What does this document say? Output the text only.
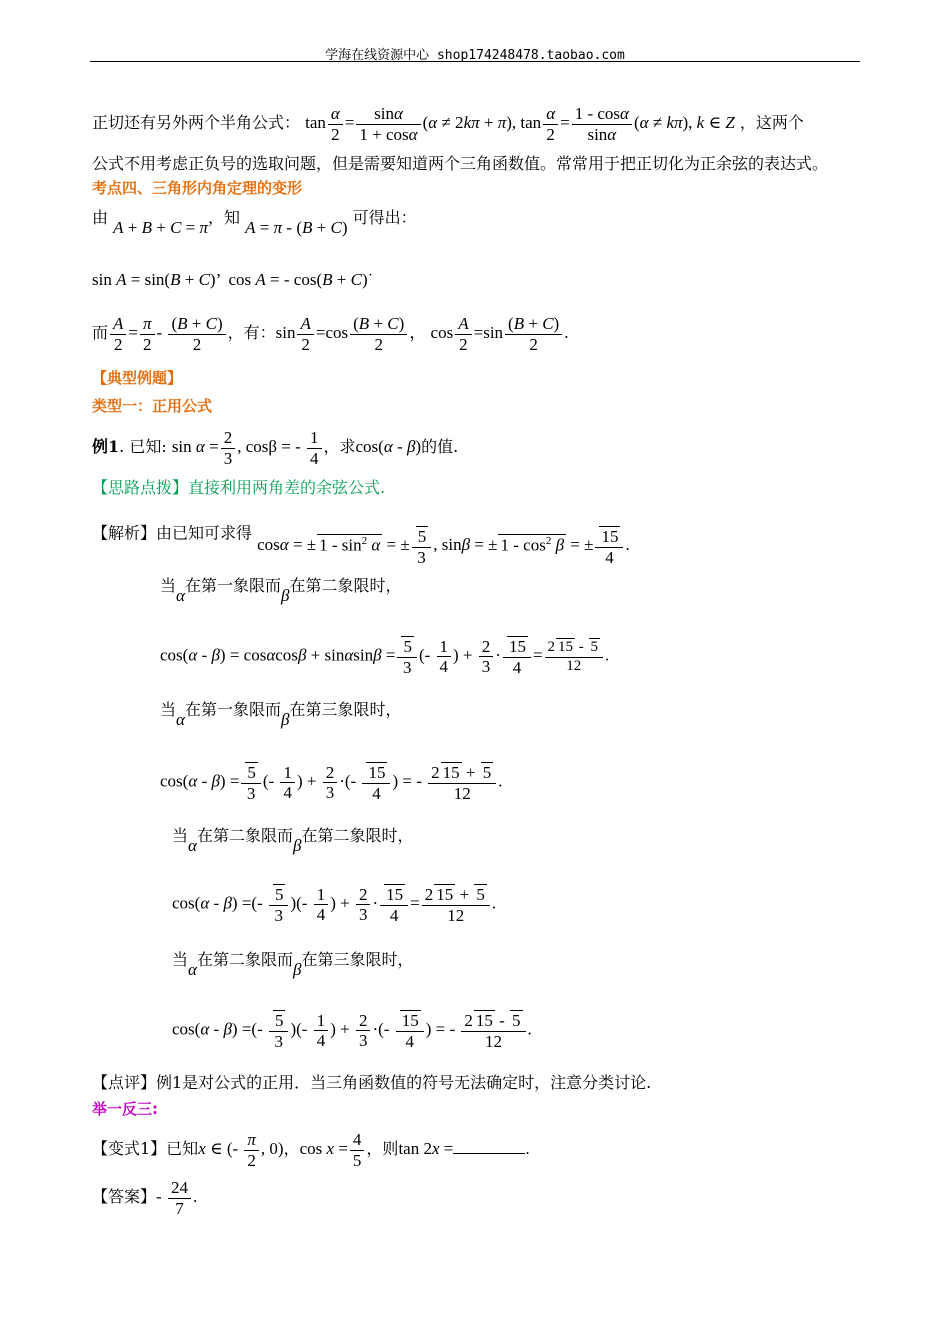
学海在线资源中心 shop174248478.taobao.com
正切还有另外两个半角公式： $\tan \frac{\alpha}{2} = \frac{\sin\alpha}{1 + \cos\alpha} (\alpha \ne 2k\pi + \pi)$, $\tan \frac{\alpha}{2} = \frac{1 - \cos\alpha}{\sin\alpha} (\alpha \ne k\pi)$, k ∈ Z ，这两个
公式不用考虑正负号的选取问题，但是需要知道两个三角函数值。常常用于把正切化为正余弦的表达式。
考点四、三角形内角定理的变形
由 A + B + C = π，知 A = π - (B + C) 可得出：
sin A = sin(B + C)’  cos A = - cos(B + C)˙
而 $\frac{A}{2} = \frac{\pi}{2} - \frac{(B + C)}{2}$ ，有：$\sin \frac{A}{2} =\cos \frac{(B + C)}{2}$ ， $\cos \frac{A}{2} =\sin \frac{(B + C)}{2}$ .
【典型例题】
类型一：正用公式
例1. 已知: $\sin \alpha = \frac{2}{3}$ , cosβ = - $\frac{1}{4}$ ，求cos(α - β)的值.
【思路点拨】直接利用两角差的余弦公式.
【解析】由已知可求得 cosα = ± $1 - \sin^2 \alpha$ = ± $\frac{5}{3}$ , sinβ = ± $1 - \cos^2 \beta$ = ± $\frac{15}{4}$ .
当α在第一象限而β在第二象限时，
$\cos(\alpha - \beta) = \cos\alpha\cos\beta + \sin\alpha\sin\beta = \frac{5}{3}$ (- $\frac{1}{4}$ ) + $\frac{2}{3} \cdot \frac{15}{4} = \frac{2 15 - 5}{12}$ .
当α在第一象限而β在第三象限时，
$\cos(\alpha - \beta) = \frac{5}{3}$ (- $\frac{1}{4}$ ) + $\frac{2}{3}$ ·(- $\frac{15}{4}$ ) = - $\frac{2 15 + 5}{12}$ .
当α在第二象限而β在第二象限时，
cos(α - β) =(- $\frac{5}{3}$ )(- $\frac{1}{4}$ ) + $\frac{2}{3} \cdot \frac{15}{4} = \frac{2 15 + 5}{12}$ .
当α在第二象限而β在第三象限时，
cos(α - β) =(- $\frac{5}{3}$ )(- $\frac{1}{4}$ ) + $\frac{2}{3}$ ·(- $\frac{15}{4}$ ) = - $\frac{2 15 - 5}{12}$ .
【点评】例1是对公式的正用．当三角函数值的符号无法确定时，注意分类讨论.
举一反三:
【变式1】已知x ∈ (- $\frac{\pi}{2}$ , 0)，$\cos x = \frac{4}{5}$ ，则tan 2x =	.
【答案】- $\frac{24}{7}$ .
